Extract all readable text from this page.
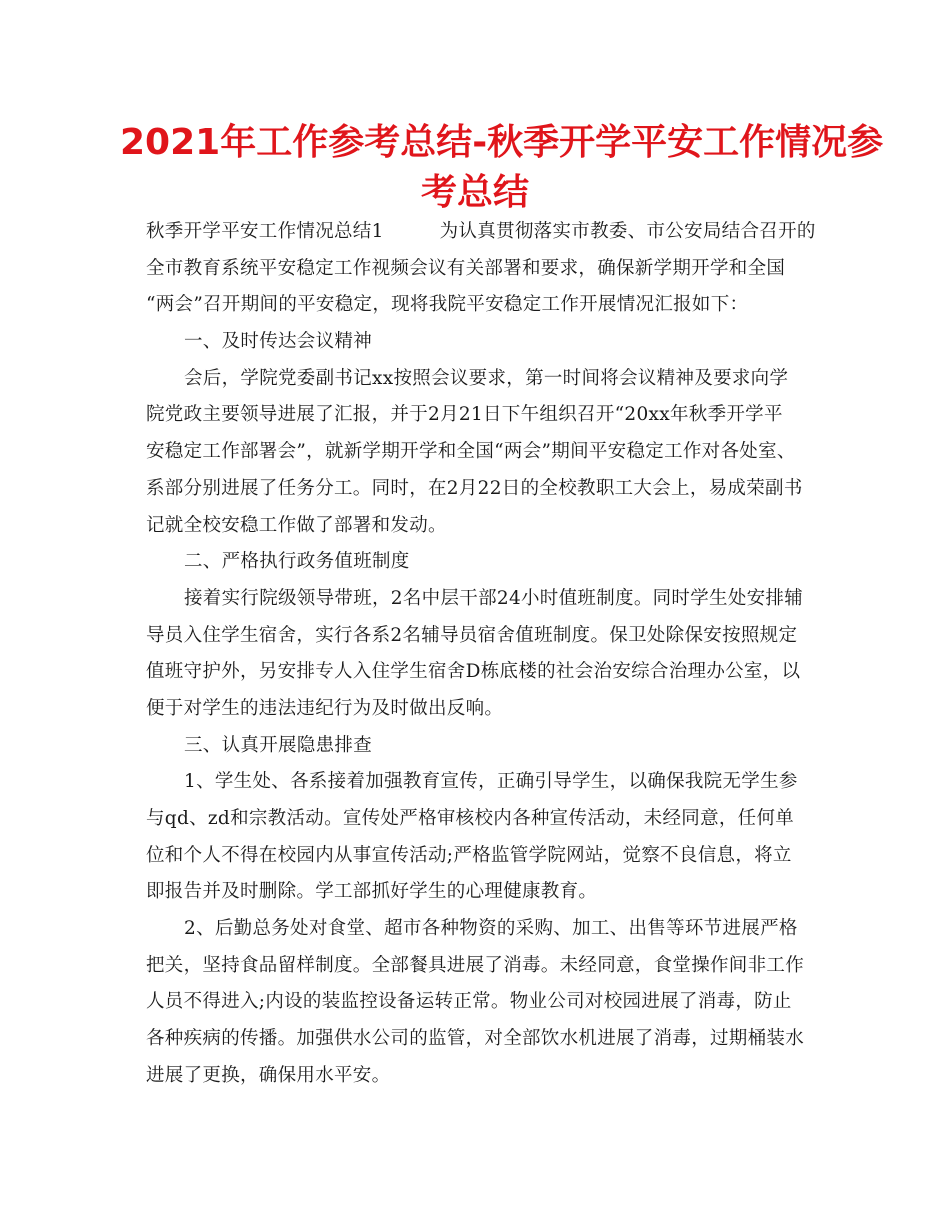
2021年工作参考总结-秋季开学平安工作情况参
考总结
秋季开学平安工作情况总结1	为认真贯彻落实市教委、市公安局结合召开的
全市教育系统平安稳定工作视频会议有关部署和要求，确保新学期开学和全国
“两会”召开期间的平安稳定，现将我院平安稳定工作开展情况汇报如下：
一、及时传达会议精神
会后，学院党委副书记xx按照会议要求，第一时间将会议精神及要求向学
院党政主要领导进展了汇报，并于2月21日下午组织召开“20xx年秋季开学平
安稳定工作部署会”，就新学期开学和全国“两会”期间平安稳定工作对各处室、
系部分别进展了任务分工。同时，在2月22日的全校教职工大会上，易成荣副书
记就全校安稳工作做了部署和发动。
二、严格执行政务值班制度
接着实行院级领导带班，2名中层干部24小时值班制度。同时学生处安排辅
导员入住学生宿舍，实行各系2名辅导员宿舍值班制度。保卫处除保安按照规定
值班守护外，另安排专人入住学生宿舍D栋底楼的社会治安综合治理办公室，以
便于对学生的违法违纪行为及时做出反响。
三、认真开展隐患排查
1、学生处、各系接着加强教育宣传，正确引导学生，以确保我院无学生参
与qd、zd和宗教活动。宣传处严格审核校内各种宣传活动，未经同意，任何单
位和个人不得在校园内从事宣传活动;严格监管学院网站，觉察不良信息，将立
即报告并及时删除。学工部抓好学生的心理健康教育。
2、后勤总务处对食堂、超市各种物资的采购、加工、出售等环节进展严格
把关，坚持食品留样制度。全部餐具进展了消毒。未经同意，食堂操作间非工作
人员不得进入;内设的装监控设备运转正常。物业公司对校园进展了消毒，防止
各种疾病的传播。加强供水公司的监管，对全部饮水机进展了消毒，过期桶装水
进展了更换，确保用水平安。
